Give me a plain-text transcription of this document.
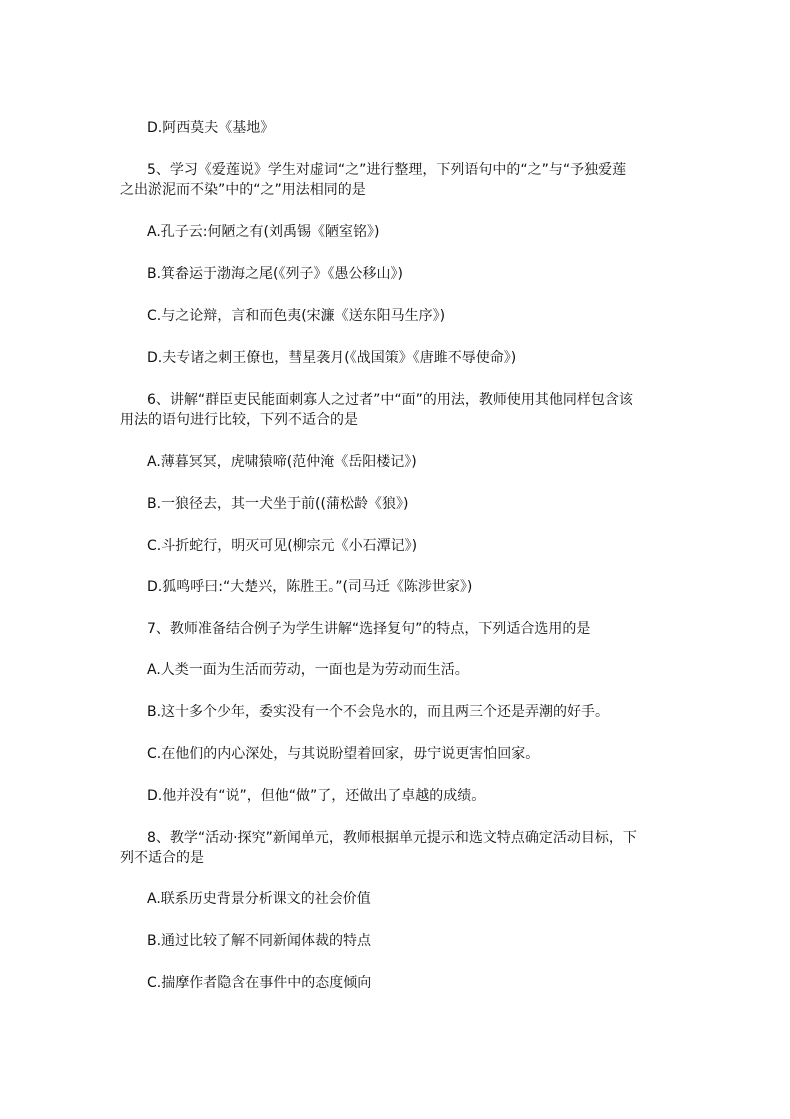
D.阿西莫夫《基地》
5、学习《爱莲说》学生对虚词“之”进行整理，下列语句中的“之”与“予独爱莲
之出淤泥而不染”中的“之”用法相同的是
A.孔子云:何陋之有(刘禹锡《陋室铭》)
B.箕畚运于渤海之尾(《列子》《愚公移山》)
C.与之论辩，言和而色夷(宋濂《送东阳马生序》)
D.夫专诸之刺王僚也，彗星袭月(《战国策》《唐雎不辱使命》)
6、讲解“群臣吏民能面刺寡人之过者”中“面”的用法，教师使用其他同样包含该
用法的语句进行比较，下列不适合的是
A.薄暮冥冥，虎啸猿啼(范仲淹《岳阳楼记》)
B.一狼径去，其一犬坐于前((蒲松龄《狼》)
C.斗折蛇行，明灭可见(柳宗元《小石潭记》)
D.狐鸣呼曰:“大楚兴，陈胜王。”(司马迁《陈涉世家》)
7、教师准备结合例子为学生讲解“选择复句”的特点，下列适合选用的是
A.人类一面为生活而劳动，一面也是为劳动而生活。
B.这十多个少年，委实没有一个不会凫水的，而且两三个还是弄潮的好手。
C.在他们的内心深处，与其说盼望着回家，毋宁说更害怕回家。
D.他并没有“说”，但他“做”了，还做出了卓越的成绩。
8、教学“活动·探究”新闻单元，教师根据单元提示和选文特点确定活动目标，下
列不适合的是
A.联系历史背景分析课文的社会价值
B.通过比较了解不同新闻体裁的特点
C.揣摩作者隐含在事件中的态度倾向
